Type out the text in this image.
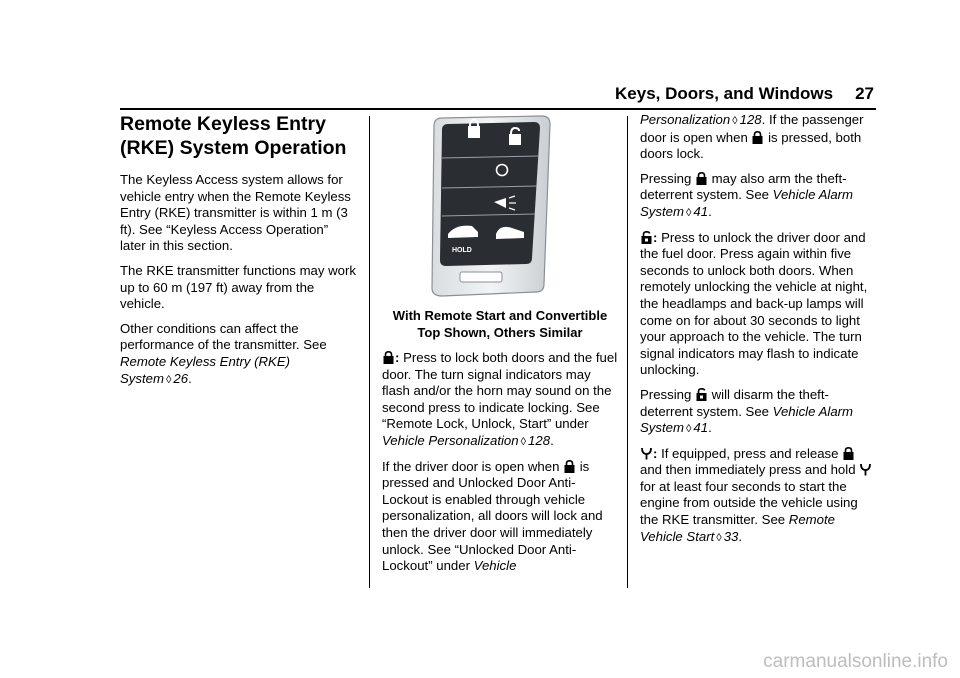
Keys, Doors, and Windows 27
Remote Keyless Entry
(RKE) System Operation

The Keyless Access system allows for vehicle entry when the Remote Keyless Entry (RKE) transmitter is within 1 m (3 ft). See “Keyless Access Operation” later in this section.

The RKE transmitter functions may work up to 60 m (197 ft) away from the vehicle.

Other conditions can affect the performance of the transmitter. See Remote Keyless Entry (RKE) System ◊ 26.

HOLD
With Remote Start and Convertible
Top Shown, Others Similar

: Press to lock both doors and the fuel door. The turn signal indicators may flash and/or the horn may sound on the second press to indicate locking. See “Remote Lock, Unlock, Start” under Vehicle Personalization ◊ 128.

If the driver door is open when
is pressed and Unlocked Door Anti-Lockout is enabled through vehicle personalization, all doors will lock and then the driver door will immediately unlock. See “Unlocked Door Anti-Lockout” under Vehicle

Personalization ◊ 128. If the passenger door is open when
is pressed, both doors lock.

Pressing
may also arm the theft-deterrent system. See Vehicle Alarm System ◊ 41.

: Press to unlock the driver door and the fuel door. Press again within five seconds to unlock both doors. When remotely unlocking the vehicle at night, the headlamps and back-up lamps will come on for about 30 seconds to light your approach to the vehicle. The turn signal indicators may flash to indicate unlocking.

Pressing
will disarm the theft-deterrent system. See Vehicle Alarm System ◊ 41.

: If equipped, press and release
and then immediately press and hold
for at least four seconds to start the engine from outside the vehicle using the RKE transmitter. See Remote Vehicle Start ◊ 33.

carmanualsonline.info
